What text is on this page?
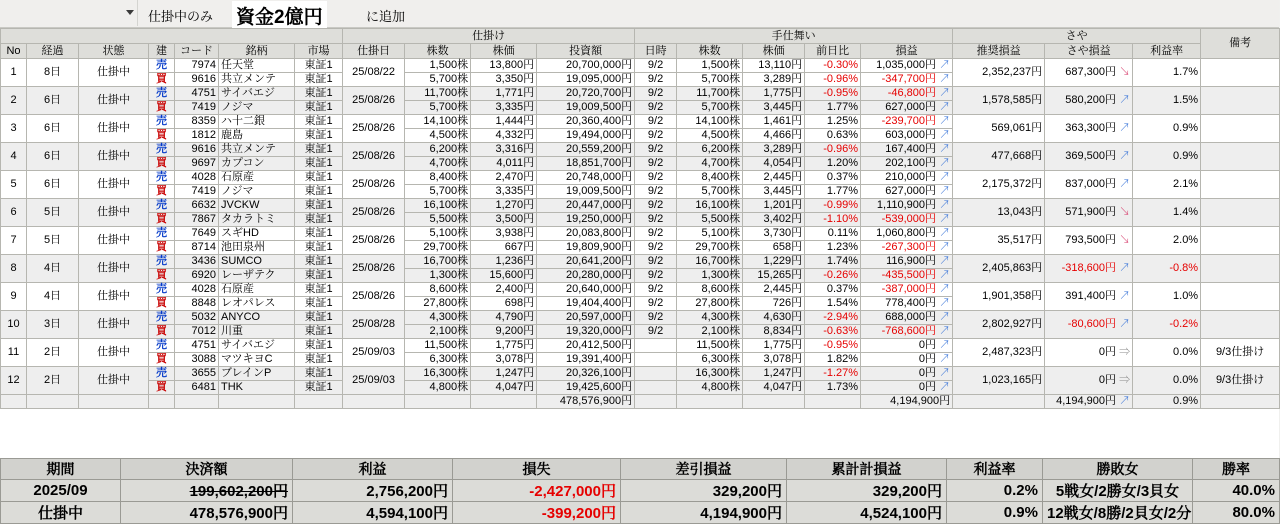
仕掛中のみ 資金2億円	に追加
							仕掛け				手仕舞い					さや			備考
No	経過	状態	建	コード	銘柄	市場	仕掛日	株数	株価	投資額	日時	株数	株価	前日比	損益	推奨損益	さや損益	利益率	
1	8日	仕掛中	売	7974	任天堂	東証1	25/08/22	1,500株	13,800円	20,700,000円	9/2	1,500株	13,110円	-0.30%	1,035,000円 ↗	2,352,237円	687,300円 ↘	1.7%	
			買	9616	共立メンテ	東証1		5,700株	3,350円	19,095,000円	9/2	5,700株	3,289円	-0.96%	-347,700円 ↗				
2	6日	仕掛中	売	4751	サイバエジ	東証1	25/08/26	11,700株	1,771円	20,720,700円	9/2	11,700株	1,775円	-0.95%	-46,800円 ↗	1,578,585円	580,200円 ↗	1.5%	
			買	7419	ノジマ	東証1		5,700株	3,335円	19,009,500円	9/2	5,700株	3,445円	1.77%	627,000円 ↗				
3	6日	仕掛中	売	8359	ハ十二銀	東証1	25/08/26	14,100株	1,444円	20,360,400円	9/2	14,100株	1,461円	1.25%	-239,700円 ↗	569,061円	363,300円 ↗	0.9%	
			買	1812	鹿島	東証1		4,500株	4,332円	19,494,000円	9/2	4,500株	4,466円	0.63%	603,000円 ↗				
4	6日	仕掛中	売	9616	共立メンテ	東証1	25/08/26	6,200株	3,316円	20,559,200円	9/2	6,200株	3,289円	-0.96%	167,400円 ↗	477,668円	369,500円 ↗	0.9%	
			買	9697	カプコン	東証1		4,700株	4,011円	18,851,700円	9/2	4,700株	4,054円	1.20%	202,100円 ↗				
5	6日	仕掛中	売	4028	石原産	東証1	25/08/26	8,400株	2,470円	20,748,000円	9/2	8,400株	2,445円	0.37%	210,000円 ↗	2,175,372円	837,000円 ↗	2.1%	
			買	7419	ノジマ	東証1		5,700株	3,335円	19,009,500円	9/2	5,700株	3,445円	1.77%	627,000円 ↗				
6	5日	仕掛中	売	6632	JVCKW	東証1	25/08/26	16,100株	1,270円	20,447,000円	9/2	16,100株	1,201円	-0.99%	1,110,900円 ↗	13,043円	571,900円 ↘	1.4%	
			買	7867	タカラトミ	東証1		5,500株	3,500円	19,250,000円	9/2	5,500株	3,402円	-1.10%	-539,000円 ↗				
7	5日	仕掛中	売	7649	スギHD	東証1	25/08/26	5,100株	3,938円	20,083,800円	9/2	5,100株	3,730円	0.11%	1,060,800円 ↗	35,517円	793,500円 ↘	2.0%	
			買	8714	池田泉州	東証1		29,700株	667円	19,809,900円	9/2	29,700株	658円	1.23%	-267,300円 ↗				
8	4日	仕掛中	売	3436	SUMCO	東証1	25/08/26	16,700株	1,236円	20,641,200円	9/2	16,700株	1,229円	1.74%	116,900円 ↗	2,405,863円	-318,600円 ↗	-0.8%	
			買	6920	レーザテク	東証1		1,300株	15,600円	20,280,000円	9/2	1,300株	15,265円	-0.26%	-435,500円 ↗				
9	4日	仕掛中	売	4028	石原産	東証1	25/08/26	8,600株	2,400円	20,640,000円	9/2	8,600株	2,445円	0.37%	-387,000円 ↗	1,901,358円	391,400円 ↗	1.0%	
			買	8848	レオパレス	東証1		27,800株	698円	19,404,400円	9/2	27,800株	726円	1.54%	778,400円 ↗				
10	3日	仕掛中	売	5032	ANYCO	東証1	25/08/28	4,300株	4,790円	20,597,000円	9/2	4,300株	4,630円	-2.94%	688,000円 ↗	2,802,927円	-80,600円 ↗	-0.2%	
			買	7012	川重	東証1		2,100株	9,200円	19,320,000円	9/2	2,100株	8,834円	-0.63%	-768,600円 ↗				
11	2日	仕掛中	売	4751	サイバエジ	東証1	25/09/03	11,500株	1,775円	20,412,500円		11,500株	1,775円	-0.95%	0円 ↗	2,487,323円	0円 ⇒	0.0%	9/3仕掛け
			買	3088	マツキヨC	東証1		6,300株	3,078円	19,391,400円		6,300株	3,078円	1.82%	0円 ↗				
12	2日	仕掛中	売	3655	ブレインP	東証1	25/09/03	16,300株	1,247円	20,326,100円		16,300株	1,247円	-1.27%	0円 ↗	1,023,165円	0円 ⇒	0.0%	9/3仕掛け
			買	6481	THK	東証1		4,800株	4,047円	19,425,600円		4,800株	4,047円	1.73%	0円 ↗				
										478,576,900円					4,194,900円		4,194,900円 ↗	0.9%	
期間	決済額	利益	損失	差引損益	累計計損益	利益率	勝敗女	勝率
2025/09	199,602,200円	2,756,200円	-2,427,000円	329,200円	329,200円	0.2%	5戦女/2勝女/3貝女	40.0%
仕掛中	478,576,900円	4,594,100円	-399,200円	4,194,900円	4,524,100円	0.9%	12戦女/8勝/2貝女/2分	80.0%
